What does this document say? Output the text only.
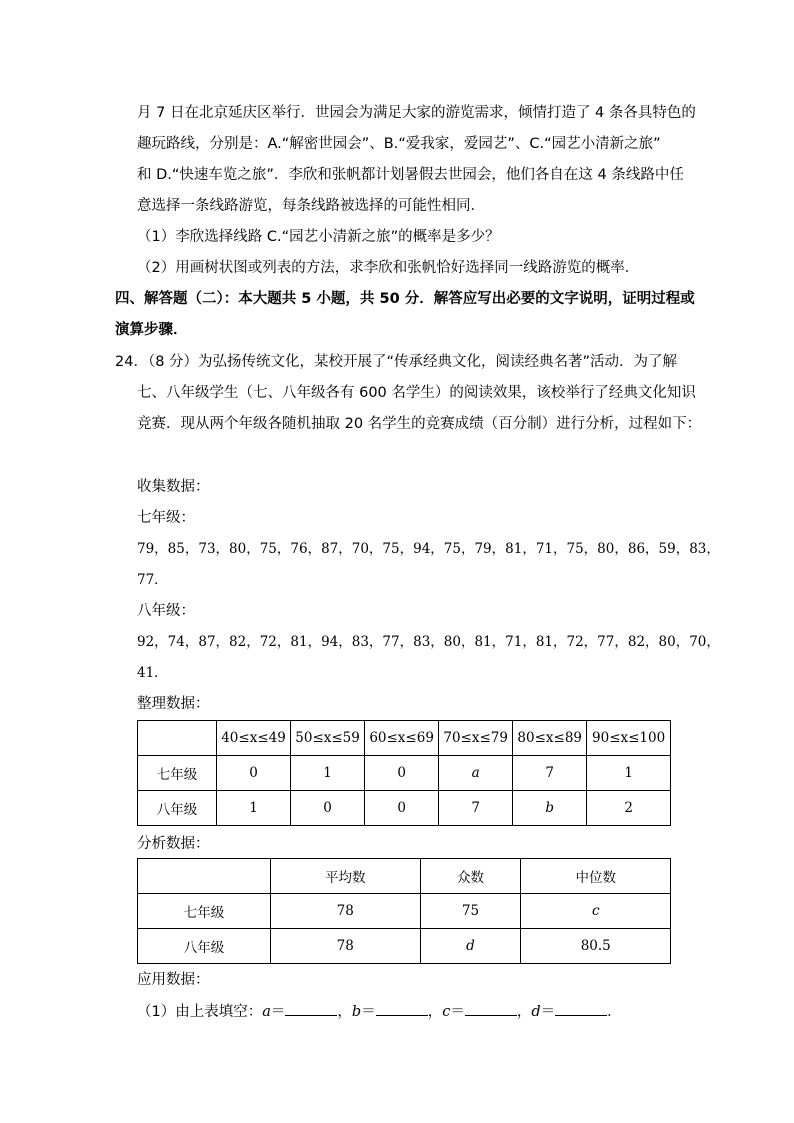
月 7 日在北京延庆区举行．世园会为满足大家的游览需求，倾情打造了 4 条各具特色的
趣玩路线，分别是：A.“解密世园会”、B.“爱我家，爱园艺”、C.“园艺小清新之旅”
和 D.“快速车览之旅”．李欣和张帆都计划暑假去世园会，他们各自在这 4 条线路中任
意选择一条线路游览，每条线路被选择的可能性相同．
（1）李欣选择线路 C.“园艺小清新之旅”的概率是多少？
（2）用画树状图或列表的方法，求李欣和张帆恰好选择同一线路游览的概率．
四、解答题（二）：本大题共 5 小题，共 50 分．解答应写出必要的文字说明，证明过程或
演算步骤．
24．（8 分）为弘扬传统文化，某校开展了“传承经典文化，阅读经典名著”活动．为了解
七、八年级学生（七、八年级各有 600 名学生）的阅读效果，该校举行了经典文化知识
竞赛．现从两个年级各随机抽取 20 名学生的竞赛成绩（百分制）进行分析，过程如下：
收集数据：
七年级：
79，85，73，80，75，76，87，70，75，94，75，79，81，71，75，80，86，59，83，
77．
八年级：
92，74，87，82，72，81，94，83，77，83，80，81，71，81，72，77，82，80，70，
41．
整理数据：
	40≤x≤49	50≤x≤59	60≤x≤69	70≤x≤79	80≤x≤89	90≤x≤100
七年级	0	1	0	a	7	1
八年级	1	0	0	7	b	2
分析数据：
	平均数	众数	中位数
七年级	78	75	c
八年级	78	d	80.5
应用数据：
（1）由上表填空：a＝	，b＝	，c＝	，d＝	．
